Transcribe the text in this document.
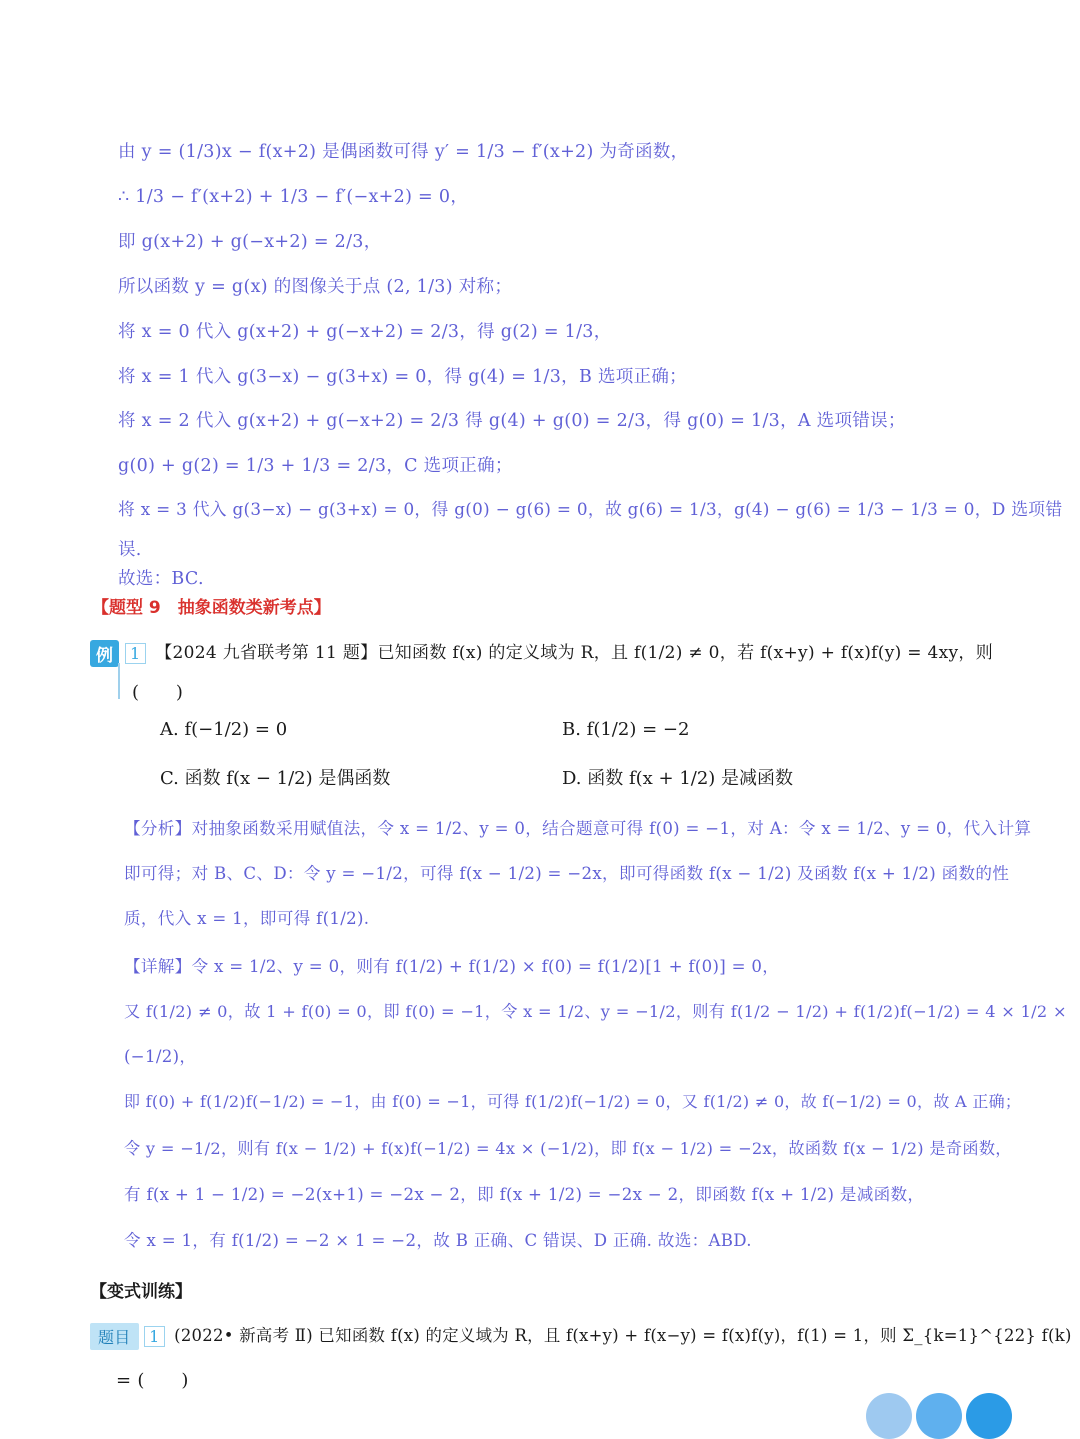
由 y = (1/3)x − f(x+2) 是偶函数可得 y′ = 1/3 − f′(x+2) 为奇函数，
∴ 1/3 − f′(x+2) + 1/3 − f′(−x+2) = 0，
即 g(x+2) + g(−x+2) = 2/3，
所以函数 y = g(x) 的图像关于点 (2, 1/3) 对称；
将 x = 0 代入 g(x+2) + g(−x+2) = 2/3，得 g(2) = 1/3，
将 x = 1 代入 g(3−x) − g(3+x) = 0，得 g(4) = 1/3，B 选项正确；
将 x = 2 代入 g(x+2) + g(−x+2) = 2/3 得 g(4) + g(0) = 2/3，得 g(0) = 1/3，A 选项错误；
g(0) + g(2) = 1/3 + 1/3 = 2/3，C 选项正确；
将 x = 3 代入 g(3−x) − g(3+x) = 0，得 g(0) − g(6) = 0，故 g(6) = 1/3，g(4) − g(6) = 1/3 − 1/3 = 0，D 选项错
误.
故选：BC.
【题型 9　抽象函数类新考点】
例 1 【2024 九省联考第 11 题】已知函数 f(x) 的定义域为 R，且 f(1/2) ≠ 0，若 f(x+y) + f(x)f(y) = 4xy，则
(　　)
A. f(−1/2) = 0	B. f(1/2) = −2
C. 函数 f(x − 1/2) 是偶函数	D. 函数 f(x + 1/2) 是减函数
【分析】对抽象函数采用赋值法，令 x = 1/2、y = 0，结合题意可得 f(0) = −1，对 A：令 x = 1/2、y = 0，代入计算
即可得；对 B、C、D：令 y = −1/2，可得 f(x − 1/2) = −2x，即可得函数 f(x − 1/2) 及函数 f(x + 1/2) 函数的性
质，代入 x = 1，即可得 f(1/2).
【详解】令 x = 1/2、y = 0，则有 f(1/2) + f(1/2) × f(0) = f(1/2)[1 + f(0)] = 0，
又 f(1/2) ≠ 0，故 1 + f(0) = 0，即 f(0) = −1，令 x = 1/2、y = −1/2，则有 f(1/2 − 1/2) + f(1/2)f(−1/2) = 4 × 1/2 ×
(−1/2)，
即 f(0) + f(1/2)f(−1/2) = −1，由 f(0) = −1，可得 f(1/2)f(−1/2) = 0，又 f(1/2) ≠ 0，故 f(−1/2) = 0，故 A 正确；
令 y = −1/2，则有 f(x − 1/2) + f(x)f(−1/2) = 4x × (−1/2)，即 f(x − 1/2) = −2x，故函数 f(x − 1/2) 是奇函数，
有 f(x + 1 − 1/2) = −2(x+1) = −2x − 2，即 f(x + 1/2) = −2x − 2，即函数 f(x + 1/2) 是减函数，
令 x = 1，有 f(1/2) = −2 × 1 = −2，故 B 正确、C 错误、D 正确. 故选：ABD.
【变式训练】
题目 1 (2022• 新高考 Ⅱ) 已知函数 f(x) 的定义域为 R，且 f(x+y) + f(x−y) = f(x)f(y)，f(1) = 1，则 Σ_{k=1}^{22} f(k)
= (　　)
